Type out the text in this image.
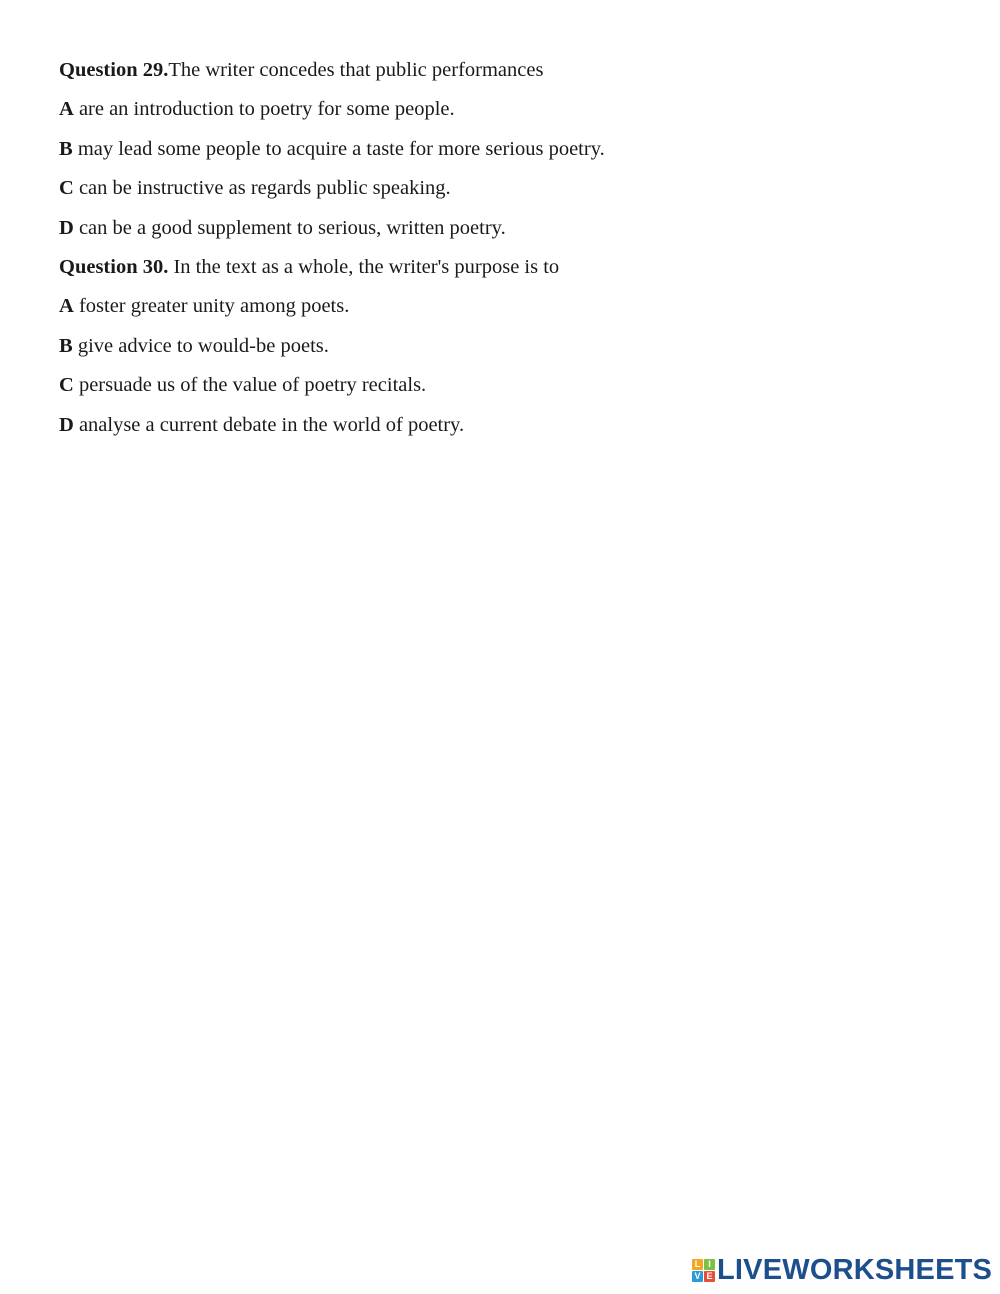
Question 29.The writer concedes that public performances
A are an introduction to poetry for some people.
B may lead some people to acquire a taste for more serious poetry.
C can be instructive as regards public speaking.
D can be a good supplement to serious, written poetry.
Question 30. In the text as a whole, the writer's purpose is to
A foster greater unity among poets.
B give advice to would-be poets.
C persuade us of the value of poetry recitals.
D analyse a current debate in the world of poetry.
L I
V E LIVEWORKSHEETS
